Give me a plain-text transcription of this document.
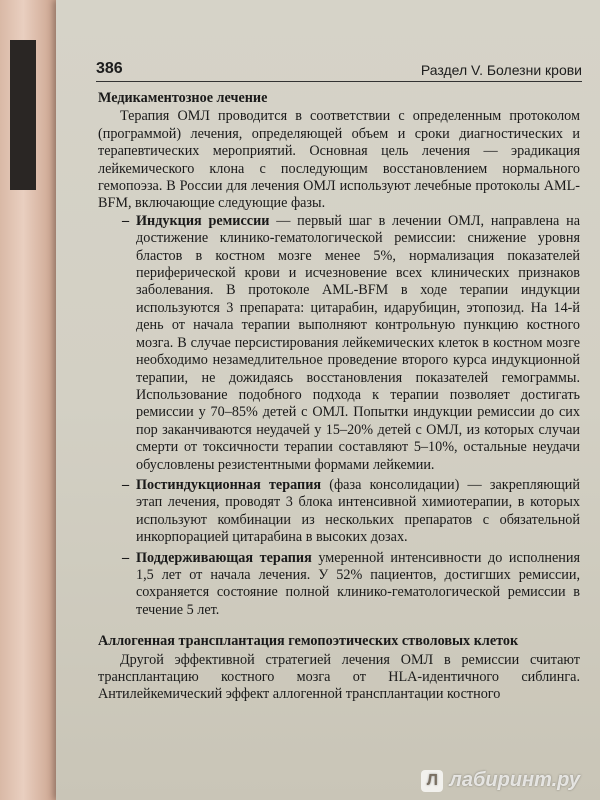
386	Раздел V. Болезни крови
Медикаментозное лечение

Терапия ОМЛ проводится в соответствии с определенным протоколом (программой) лечения, определяющей объем и сроки диагностических и терапевтических мероприятий. Основная цель лечения — эрадикация лейкемического клона с последующим восстановлением нормального гемопоэза. В России для лечения ОМЛ используют лечебные протоколы AML-BFM, включающие следующие фазы.

– Индукция ремиссии — первый шаг в лечении ОМЛ, направлена на достижение клинико-гематологической ремиссии: снижение уровня бластов в костном мозге менее 5%, нормализация показателей периферической крови и исчезновение всех клинических признаков заболевания. В протоколе AML-BFM в ходе терапии индукции используются 3 препарата: цитарабин, идарубицин, этопозид. На 14-й день от начала терапии выполняют контрольную пункцию костного мозга. В случае персистирования лейкемических клеток в костном мозге необходимо незамедлительное проведение второго курса индукционной терапии, не дожидаясь восстановления показателей гемограммы. Использование подобного подхода к терапии позволяет достигать ремиссии у 70–85% детей с ОМЛ. Попытки индукции ремиссии до сих пор заканчиваются неудачей у 15–20% детей с ОМЛ, из которых случаи смерти от токсичности терапии составляют 5–10%, остальные неудачи обусловлены резистентными формами лейкемии.
– Постиндукционная терапия (фаза консолидации) — закрепляющий этап лечения, проводят 3 блока интенсивной химиотерапии, в которых используют комбинации из нескольких препаратов с обязательной инкорпорацией цитарабина в высоких дозах.
– Поддерживающая терапия умеренной интенсивности до исполнения 1,5 лет от начала лечения. У 52% пациентов, достигших ремиссии, сохраняется состояние полной клинико-гематологической ремиссии в течение 5 лет.
Аллогенная трансплантация гемопоэтических стволовых клеток

Другой эффективной стратегией лечения ОМЛ в ремиссии считают трансплантацию костного мозга от HLA-идентичного сиблинга. Антилейкемический эффект аллогенной трансплантации костного

Л лабиринт.ру
